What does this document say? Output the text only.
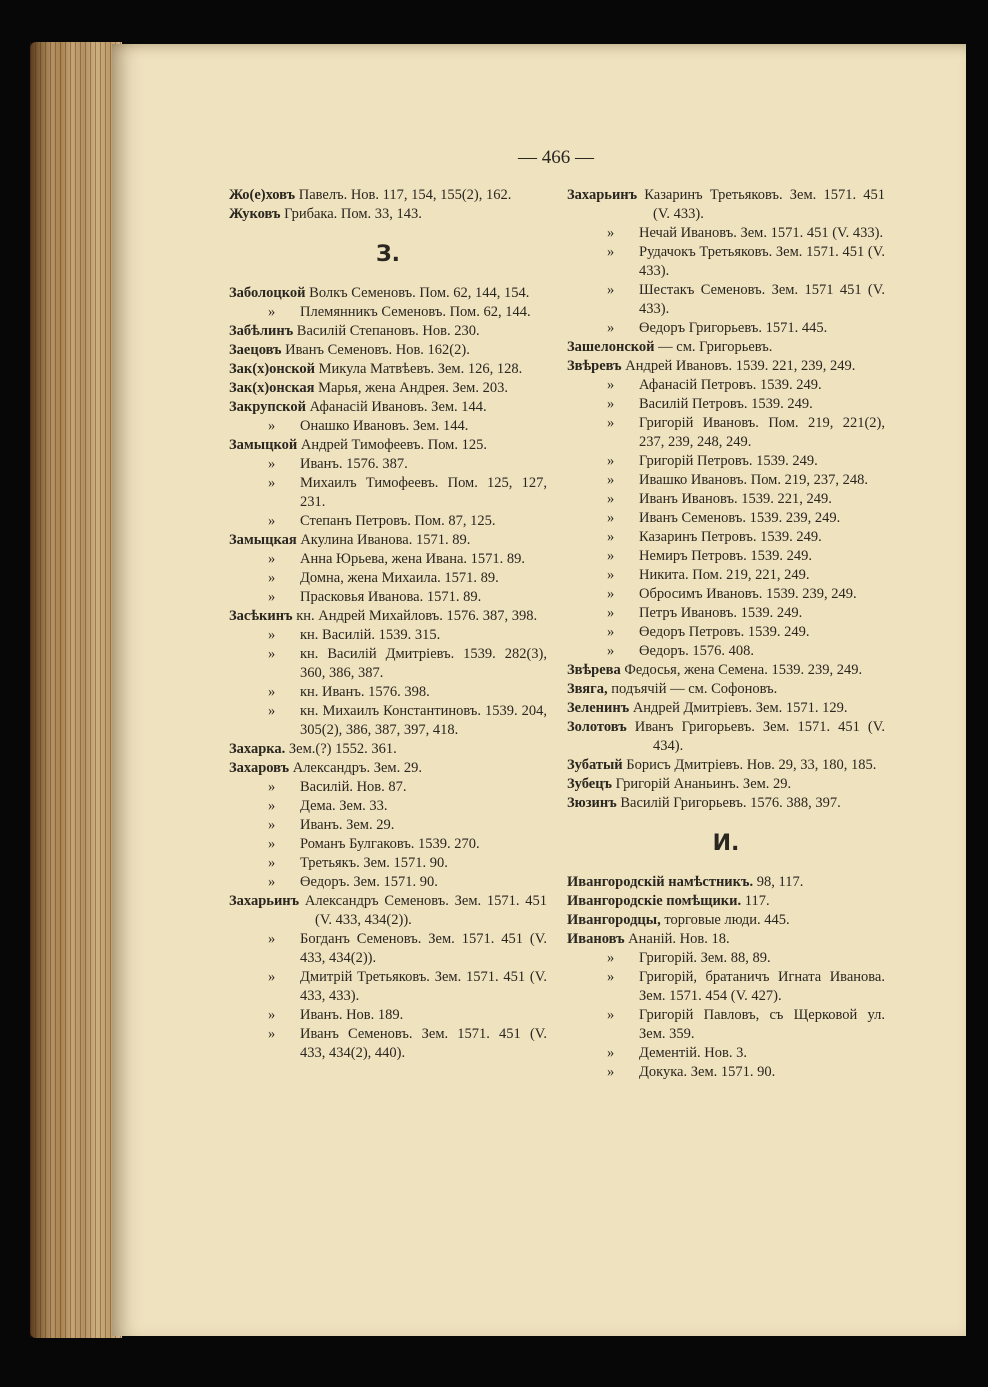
— 466 —
Жо(е)ховъ Павелъ. Нов. 117, 154, 155(2), 162.
Жуковъ Грибака. Пом. 33, 143.
З.
Заболоцкой Волкъ Семеновъ. Пом. 62, 144, 154.
» Племянникъ Семеновъ. Пом. 62, 144.
Забѣлинъ Василій Степановъ. Нов. 230.
Заецовъ Иванъ Семеновъ. Нов. 162(2).
Зак(х)онской Микула Матвѣевъ. Зем. 126, 128.
Зак(х)онская Марья, жена Андрея. Зем. 203.
Закрупской Афанасій Ивановъ. Зем. 144.
» Онашко Ивановъ. Зем. 144.
Замыцкой Андрей Тимофеевъ. Пом. 125.
» Иванъ. 1576. 387.
» Михаилъ Тимофеевъ. Пом. 125, 127, 231.
» Степанъ Петровъ. Пом. 87, 125.
Замыцкая Акулина Иванова. 1571. 89.
» Анна Юрьева, жена Ивана. 1571. 89.
» Домна, жена Михаила. 1571. 89.
» Прасковья Иванова. 1571. 89.
Засѣкинъ кн. Андрей Михайловъ. 1576. 387, 398.
» кн. Василій. 1539. 315.
» кн. Василій Дмитріевъ. 1539. 282(3), 360, 386, 387.
» кн. Иванъ. 1576. 398.
» кн. Михаилъ Константиновъ. 1539. 204, 305(2), 386, 387, 397, 418.
Захарка. Зем.(?) 1552. 361.
Захаровъ Александръ. Зем. 29.
» Василій. Нов. 87.
» Дема. Зем. 33.
» Иванъ. Зем. 29.
» Романъ Булгаковъ. 1539. 270.
» Третьякъ. Зем. 1571. 90.
» Өедоръ. Зем. 1571. 90.
Захарьинъ Александръ Семеновъ. Зем. 1571. 451 (V. 433, 434(2)).
» Богданъ Семеновъ. Зем. 1571. 451 (V. 433, 434(2)).
» Дмитрій Третьяковъ. Зем. 1571. 451 (V. 433, 433).
» Иванъ. Нов. 189.
» Иванъ Семеновъ. Зем. 1571. 451 (V. 433, 434(2), 440).
Захарьинъ Казаринъ Третьяковъ. Зем. 1571. 451 (V. 433).
» Нечай Ивановъ. Зем. 1571. 451 (V. 433).
» Рудачокъ Третьяковъ. Зем. 1571. 451 (V. 433).
» Шестакъ Семеновъ. Зем. 1571 451 (V. 433).
» Өедоръ Григорьевъ. 1571. 445.
Зашелонской — см. Григорьевъ.
Звѣревъ Андрей Ивановъ. 1539. 221, 239, 249.
» Афанасій Петровъ. 1539. 249.
» Василій Петровъ. 1539. 249.
» Григорій Ивановъ. Пом. 219, 221(2), 237, 239, 248, 249.
» Григорій Петровъ. 1539. 249.
» Ивашко Ивановъ. Пом. 219, 237, 248.
» Иванъ Ивановъ. 1539. 221, 249.
» Иванъ Семеновъ. 1539. 239, 249.
» Казаринъ Петровъ. 1539. 249.
» Немиръ Петровъ. 1539. 249.
» Никита. Пом. 219, 221, 249.
» Обросимъ Ивановъ. 1539. 239, 249.
» Петръ Ивановъ. 1539. 249.
» Өедоръ Петровъ. 1539. 249.
» Өедоръ. 1576. 408.
Звѣрева Федосья, жена Семена. 1539. 239, 249.
Звяга, подъячій — см. Софоновъ.
Зеленинъ Андрей Дмитріевъ. Зем. 1571. 129.
Золотовъ Иванъ Григорьевъ. Зем. 1571. 451 (V. 434).
Зубатый Борисъ Дмитріевъ. Нов. 29, 33, 180, 185.
Зубецъ Григорій Ананьинъ. Зем. 29.
Зюзинъ Василій Григорьевъ. 1576. 388, 397.
И.
Ивангородскій намѣстникъ. 98, 117.
Ивангородскіе помѣщики. 117.
Ивангородцы, торговые люди. 445.
Ивановъ Ананій. Нов. 18.
» Григорій. Зем. 88, 89.
» Григорій, братаничъ Игната Иванова. Зем. 1571. 454 (V. 427).
» Григорій Павловъ, съ Щерковой ул. Зем. 359.
» Дементій. Нов. 3.
» Докука. Зем. 1571. 90.
